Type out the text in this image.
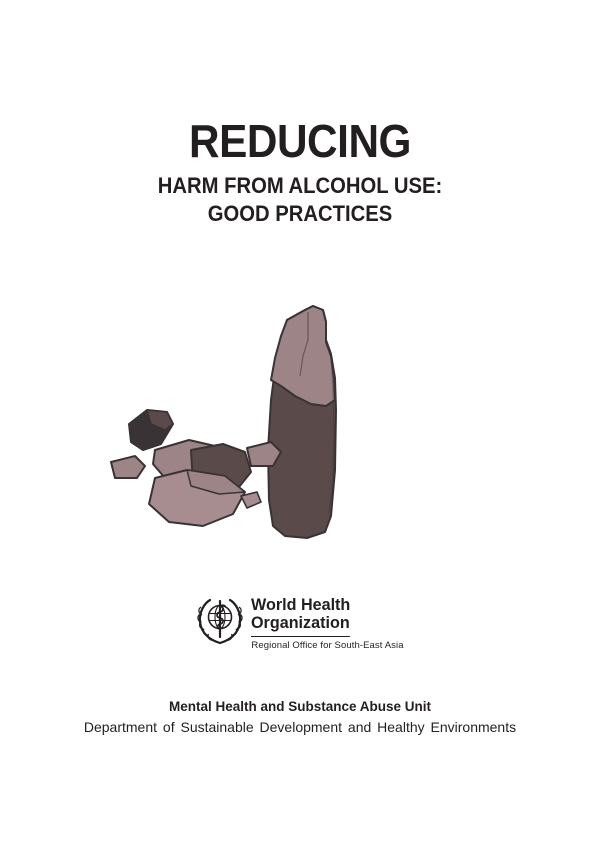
REDUCING
HARM FROM ALCOHOL USE:
GOOD PRACTICES
World Health
Organization
Regional Office for South-East Asia
Mental Health and Substance Abuse Unit
Department of Sustainable Development and Healthy Environments
